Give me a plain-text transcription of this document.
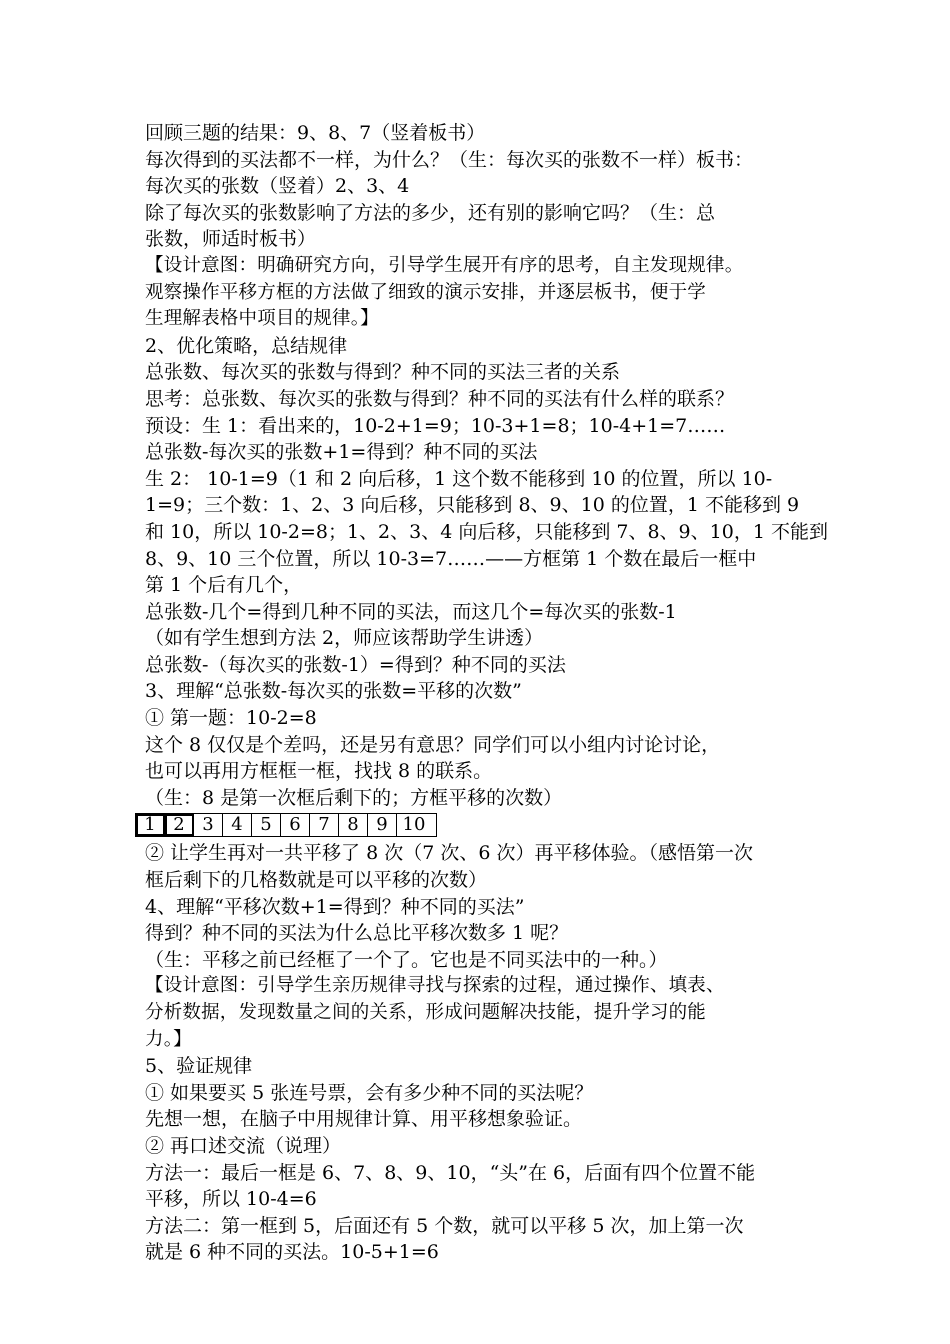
回顾三题的结果：9、8、7（竖着板书）
每次得到的买法都不一样，为什么？（生：每次买的张数不一样）板书：
每次买的张数（竖着）2、3、4
除了每次买的张数影响了方法的多少，还有别的影响它吗？（生：总
张数，师适时板书）
【设计意图：明确研究方向，引导学生展开有序的思考，自主发现规律。
观察操作平移方框的方法做了细致的演示安排，并逐层板书，便于学
生理解表格中项目的规律。】
2、优化策略，总结规律
总张数、每次买的张数与得到？种不同的买法三者的关系
思考：总张数、每次买的张数与得到？种不同的买法有什么样的联系？
预设：生 1：看出来的，10-2+1=9；10-3+1=8；10-4+1=7……
总张数-每次买的张数+1=得到？种不同的买法
生 2： 10-1=9（1 和 2 向后移，1 这个数不能移到 10 的位置，所以 10-
1=9；三个数：1、2、3 向后移，只能移到 8、9、10 的位置，1 不能移到 9
和 10，所以 10-2=8；1、2、3、4 向后移，只能移到 7、8、9、10，1 不能到
8、9、10 三个位置，所以 10-3=7……——方框第 1 个数在最后一框中
第 1 个后有几个，
总张数-几个=得到几种不同的买法，而这几个=每次买的张数-1
（如有学生想到方法 2，师应该帮助学生讲透）
总张数-（每次买的张数-1）=得到？种不同的买法
3、理解“总张数-每次买的张数=平移的次数”
① 第一题：10-2=8
这个 8 仅仅是个差吗，还是另有意思？同学们可以小组内讨论讨论，
也可以再用方框框一框，找找 8 的联系。
（生：8 是第一次框后剩下的；方框平移的次数）
1 2 3 4 5 6 7 8 9 10
② 让学生再对一共平移了 8 次（7 次、6 次）再平移体验。（感悟第一次
框后剩下的几格数就是可以平移的次数）
4、理解“平移次数+1=得到？种不同的买法”
得到？种不同的买法为什么总比平移次数多 1 呢？
（生：平移之前已经框了一个了。它也是不同买法中的一种。）
【设计意图：引导学生亲历规律寻找与探索的过程，通过操作、填表、
分析数据，发现数量之间的关系，形成问题解决技能，提升学习的能
力。】
5、验证规律
① 如果要买 5 张连号票，会有多少种不同的买法呢？
先想一想，在脑子中用规律计算、用平移想象验证。
② 再口述交流（说理）
方法一：最后一框是 6、7、8、9、10，“头”在 6，后面有四个位置不能
平移，所以 10-4=6
方法二：第一框到 5，后面还有 5 个数，就可以平移 5 次，加上第一次
就是 6 种不同的买法。10-5+1=6
